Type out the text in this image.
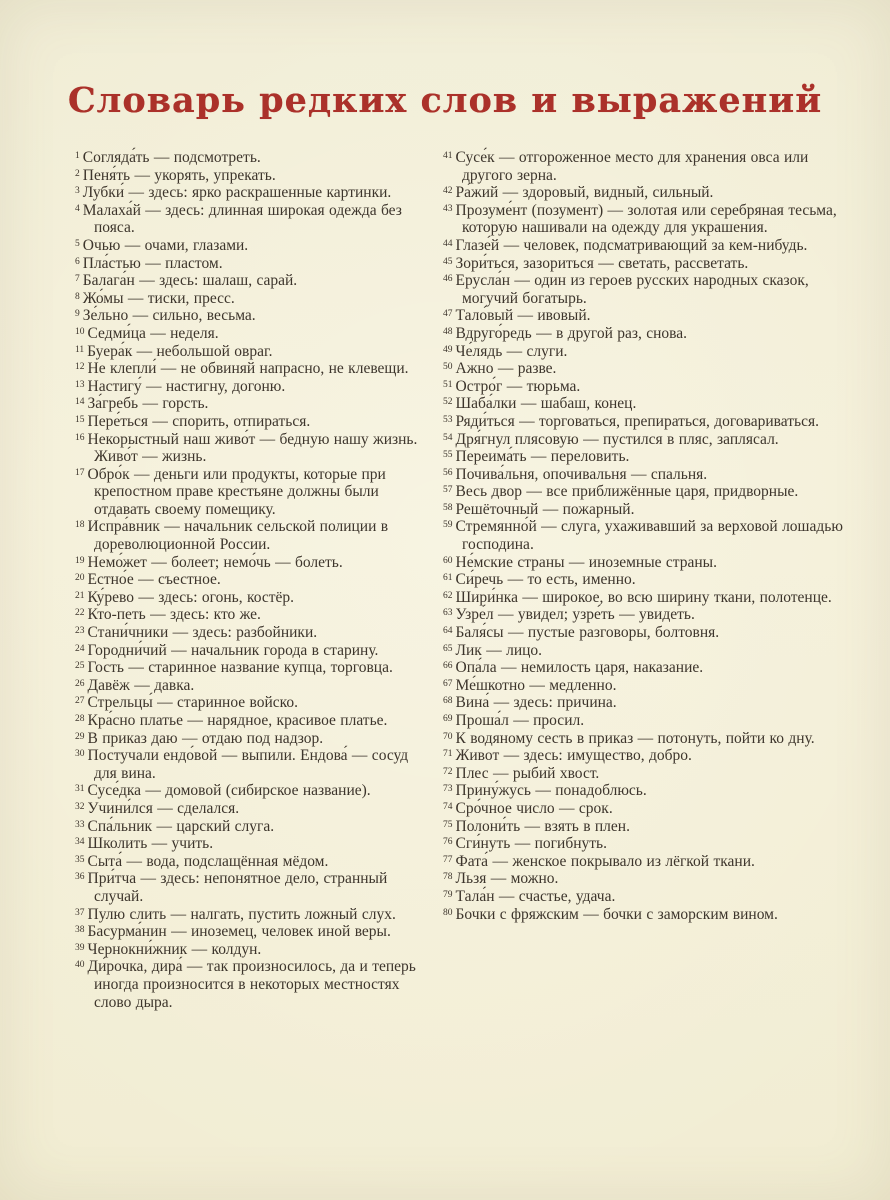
Словарь редких слов и выражений

$^1$ Согляда́ть — подсмотреть.

$^2$ Пеня́ть — укорять, упрекать.

$^3$ Лубки́ — здесь: ярко раскрашенные картинки.

$^4$ Малаха́й — здесь: длинная широкая одежда без пояса.

$^5$ Очью — очами, глазами.

$^6$ Пла́стью — пластом.

$^7$ Балага́н — здесь: шалаш, сарай.

$^8$ Жо́мы — тиски, пресс.

$^9$ Зе́льно — сильно, весьма.

$^{10}$ Седми́ца — неделя.

$^{11}$ Буера́к — небольшой овраг.

$^{12}$ Не клепли́ — не обвиняй напрасно, не клевещи.

$^{13}$ Настигу́ — настигну, догоню.

$^{14}$ За́гребь — горсть.

$^{15}$ Пере́ться — спорить, отпираться.

$^{16}$ Некорыстный наш живо́т — бедную нашу жизнь. Живо́т — жизнь.

$^{17}$ Обро́к — деньги или продукты, которые при крепостном праве крестьяне должны были отдавать своему помещику.

$^{18}$ Испра́вник — начальник сельской полиции в дореволюционной России.

$^{19}$ Немо́жет — болеет; немо́чь — болеть.

$^{20}$ Естно́е — съестное.

$^{21}$ Ку́рево — здесь: огонь, костёр.

$^{22}$ Кто-петь — здесь: кто же.

$^{23}$ Стани́чники — здесь: разбойники.

$^{24}$ Городни́чий — начальник города в старину.

$^{25}$ Гость — старинное название купца, торговца.

$^{26}$ Давёж — давка.

$^{27}$ Стрельцы́ — старинное войско.

$^{28}$ Кра́сно платье — нарядное, красивое платье.

$^{29}$ В приказ даю — отдаю под надзор.

$^{30}$ Постучали ендо́вой — выпили. Ендова́ — сосуд для вина.

$^{31}$ Сусе́дка — домовой (сибирское название).

$^{32}$ Учини́лся — сделался.

$^{33}$ Спа́льник — царский слуга.

$^{34}$ Школить — учить.

$^{35}$ Сыта́ — вода, подслащённая мёдом.

$^{36}$ При́тча — здесь: непонятное дело, странный случай.

$^{37}$ Пулю слить — налгать, пустить ложный слух.

$^{38}$ Басурма́нин — иноземец, человек иной веры.

$^{39}$ Чернокни́жник — колдун.

$^{40}$ Ди́рочка, дира́ — так произносилось, да и теперь иногда произносится в некоторых местностях слово дыра.

$^{41}$ Сусе́к — отгороженное место для хранения овса или другого зерна.

$^{42}$ Ра́жий — здоровый, видный, сильный.

$^{43}$ Прозуме́нт (позумент) — золотая или серебряная тесьма, которую нашивали на одежду для украшения.

$^{44}$ Глазе́й — человек, подсматривающий за кем-нибудь.

$^{45}$ Зори́ться, зазориться — светать, рассветать.

$^{46}$ Ерусла́н — один из героев русских народных сказок, могучий богатырь.

$^{47}$ Тало́вый — ивовый.

$^{48}$ Вдруго́редь — в другой раз, снова.

$^{49}$ Че́лядь — слуги.

$^{50}$ Ажно — разве.

$^{51}$ Остро́г — тюрьма.

$^{52}$ Шаба́лки — шабаш, конец.

$^{53}$ Ряди́ться — торговаться, препираться, договариваться.

$^{54}$ Дря́гнул плясовую — пустился в пляс, заплясал.

$^{55}$ Переима́ть — переловить.

$^{56}$ Почива́льня, опочивальня — спальня.

$^{57}$ Весь двор — все приближённые царя, придворные.

$^{58}$ Решёточный — пожарный.

$^{59}$ Стремянно́й — слуга, ухаживавший за верховой лошадью господина.

$^{60}$ Не́мские страны — иноземные страны.

$^{61}$ Си́речь — то есть, именно.

$^{62}$ Шири́нка — широкое, во всю ширину ткани, полотенце.

$^{63}$ Узре́л — увидел; узре́ть — увидеть.

$^{64}$ Баля́сы — пустые разговоры, болтовня.

$^{65}$ Лик — лицо.

$^{66}$ Опа́ла — немилость царя, наказание.

$^{67}$ Ме́шкотно — медленно.

$^{68}$ Вина́ — здесь: причина.

$^{69}$ Проша́л — просил.

$^{70}$ К водяному сесть в приказ — потонуть, пойти ко дну.

$^{71}$ Живот — здесь: имущество, добро.

$^{72}$ Плес — рыбий хвост.

$^{73}$ Прину́жусь — понадоблюсь.

$^{74}$ Сро́чное число — срок.

$^{75}$ Полони́ть — взять в плен.

$^{76}$ Сги́нуть — погибнуть.

$^{77}$ Фата́ — женское покрывало из лёгкой ткани.

$^{78}$ Льзя — можно.

$^{79}$ Тала́н — счастье, удача.

$^{80}$ Бочки с фряжским — бочки с заморским вином.
